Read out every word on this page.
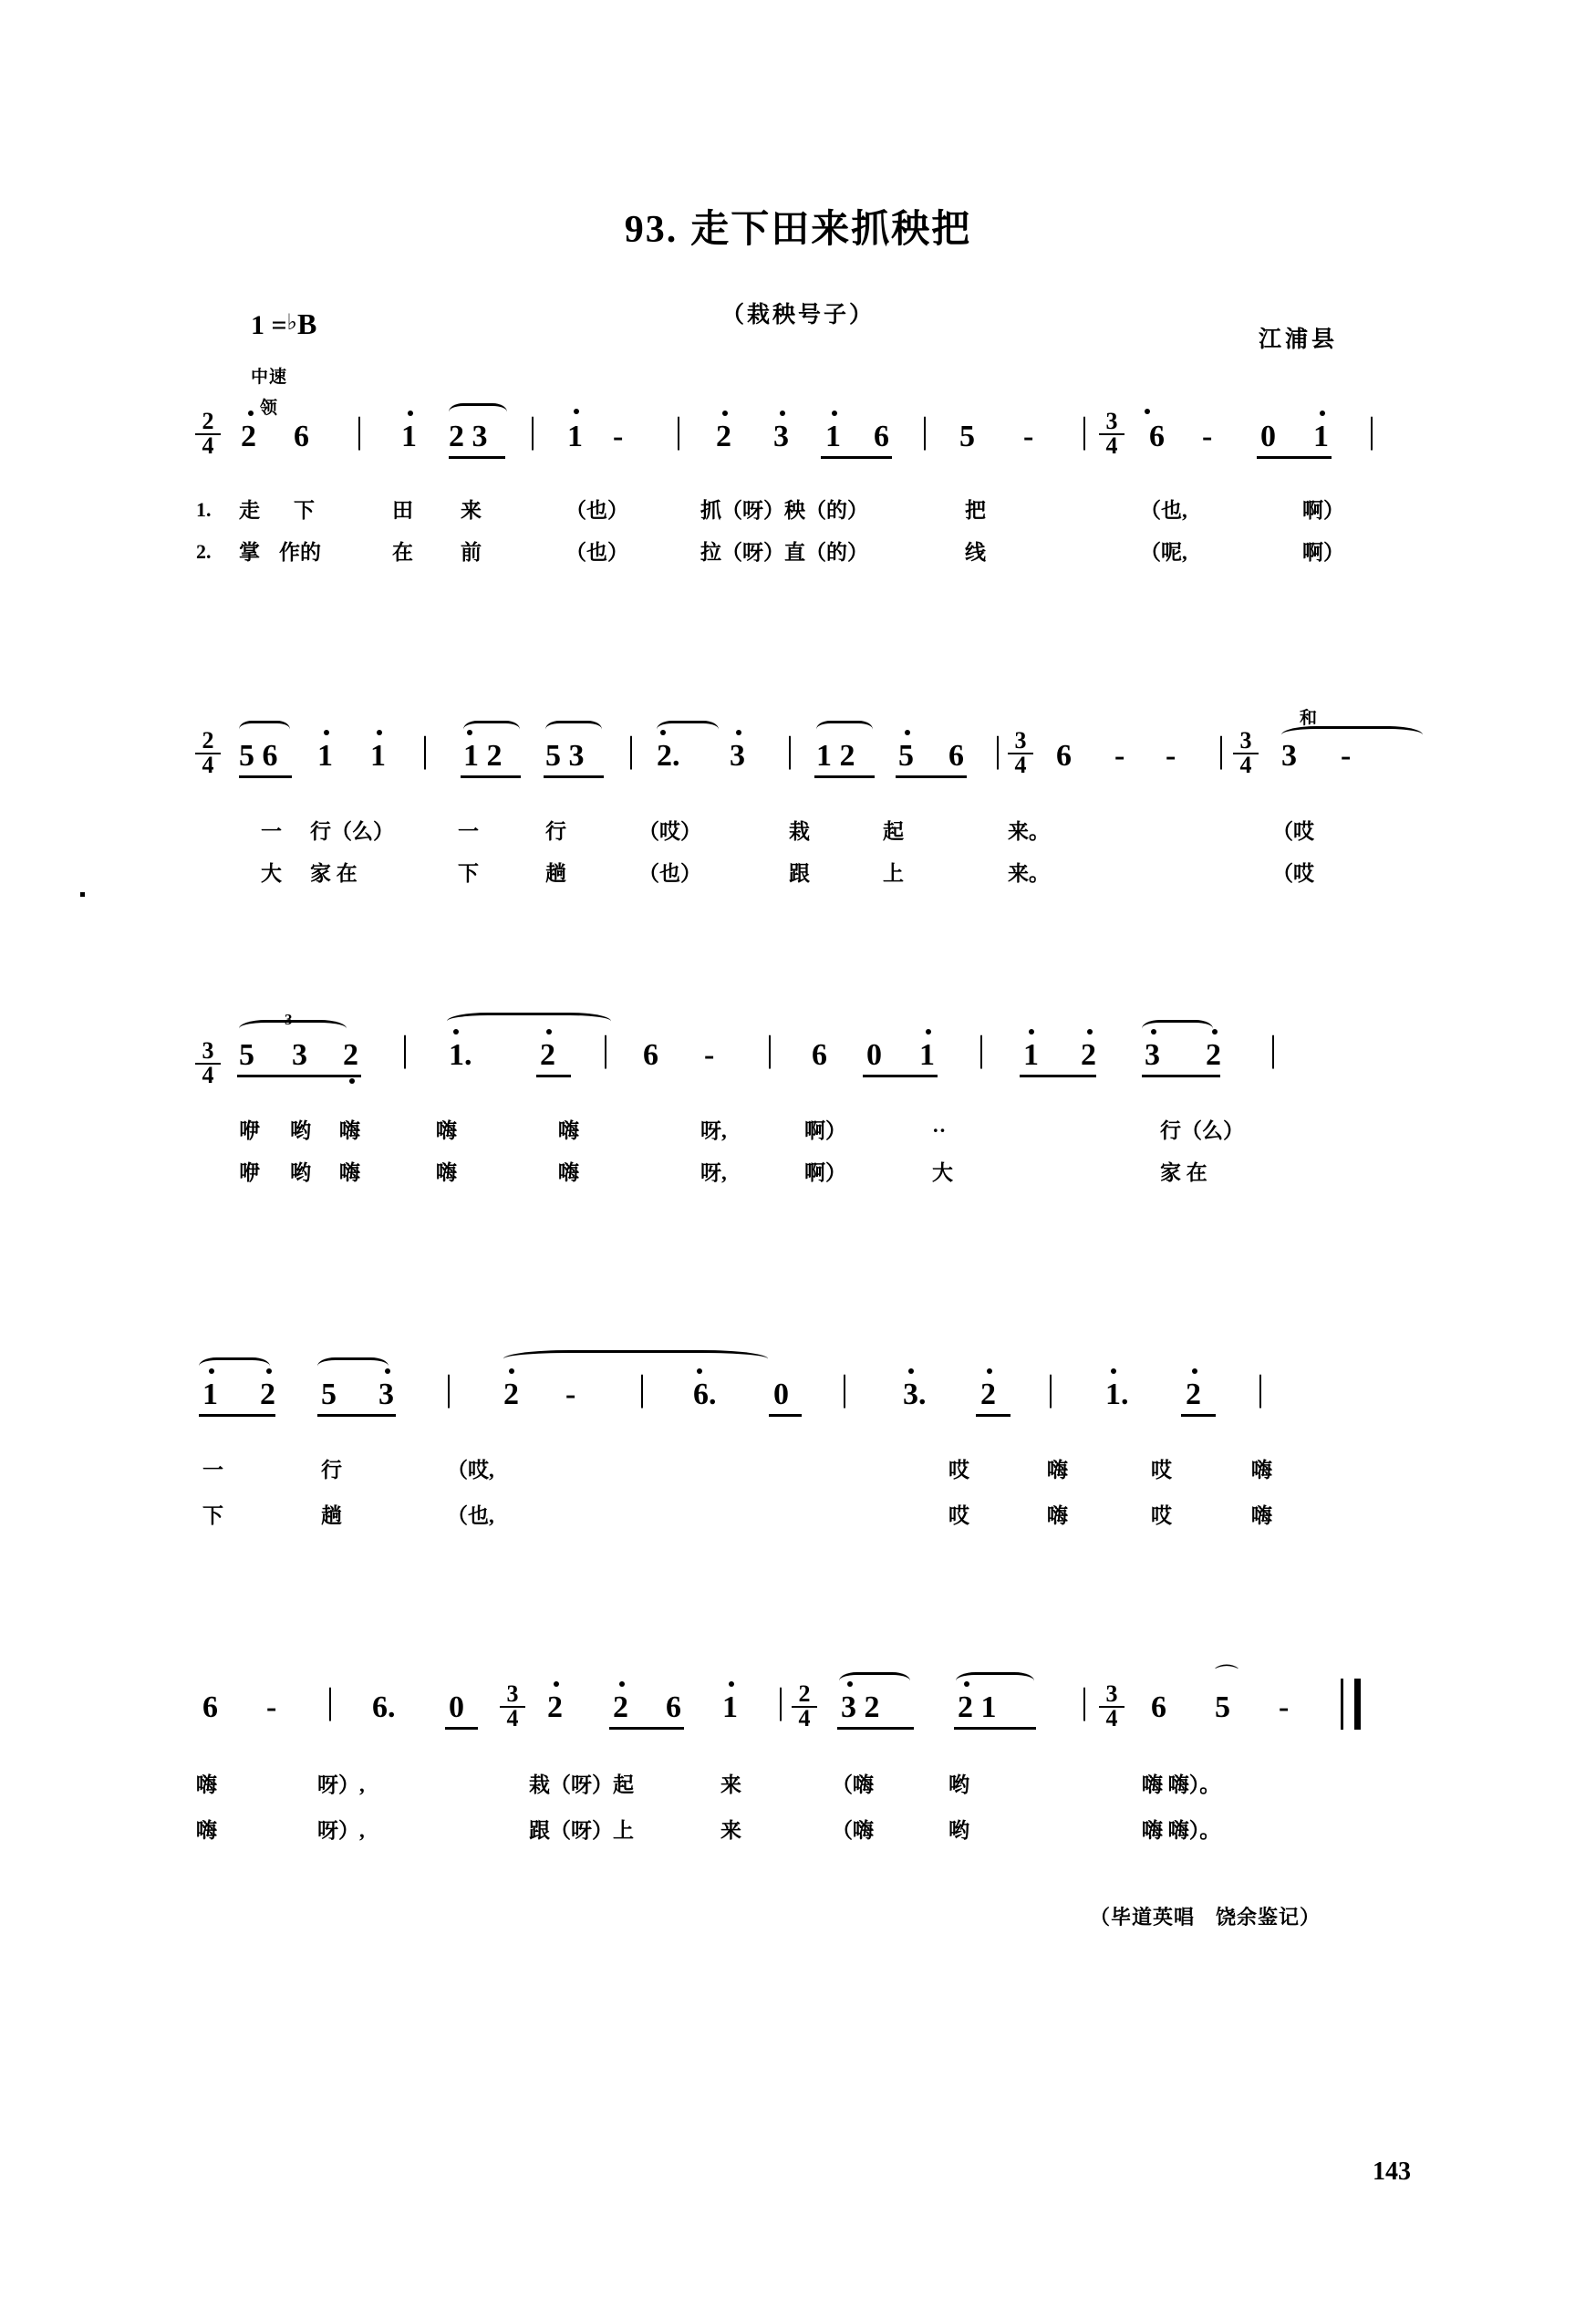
93. 走下田来抓秧把
（栽秧号子）
江浦县
1 =♭B
中速
领
2
4 2 6 | 1 2 3 | 1 - | 2 3 1 6 | 5 - | 3
4 6 - 0 1 |
1. 走 下	田 来	（也）	抓（呀）秧（的）	把	（也,	啊）
2. 掌 作的	在 前	（也）	拉（呀）直（的）	线	（呢,	啊）
2
4 5 6 1 1 | 1 2 5 3 | 2. 3 | 1 2 5 6 | 3
4 6 - - | 3
4
和
3 -
一 行（么）	一	行	（哎）	栽	起	来。	（哎
大 家 在	下	趟	（也）	跟	上	来。	（哎
3
4
3
5 3 2 | 1. 2 | 6 - | 6 0 1 | 1 2 3 2 |
咿 哟 嗨	嗨	嗨	呀,	啊）	··	行（么）
咿 哟 嗨	嗨	嗨	呀,	啊）	大	家 在
1 2 5 3 | 2 - | 6. 0 | 3. 2 | 1. 2 |
一	行	（哎,	哎	嗨	哎	嗨
下	趟	（也,	哎	嗨	哎	嗨
6 - | 6. 0 3
4 2 2 6 1 | 2
4 3 2	2 1 | 3
4 6
⌒
5 -
嗨	呀）,	栽（呀）起	来	（嗨	哟	嗨 嗨）。
嗨	呀）,	跟（呀）上	来	（嗨	哟	嗨 嗨）。
（毕道英唱　饶余鉴记）
143
